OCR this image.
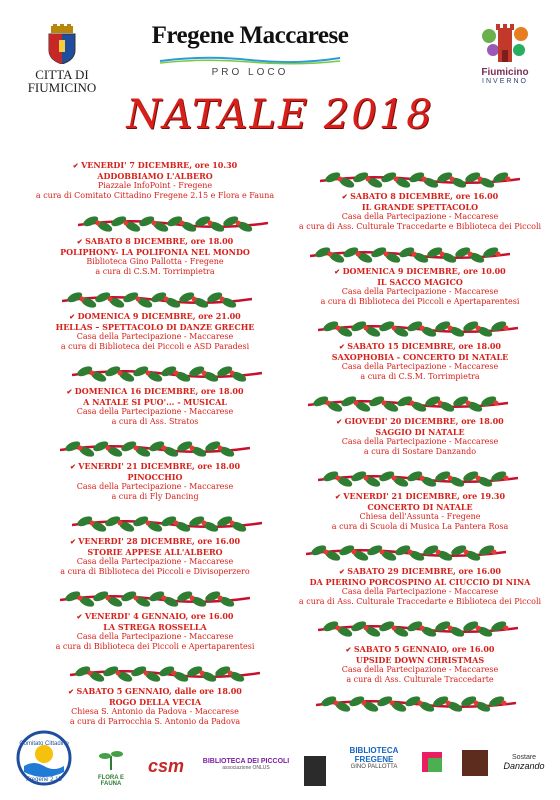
CITTA DI FIUMICINO
Fregene Maccarese
PRO LOCO	Fiumicino
INVERNO
NATALE 2018
✔ VENERDI' 7 DICEMBRE, ore 10.30
ADDOBBIAMO L'ALBERO
Piazzale InfoPoint - Fregene
a cura di Comitato Cittadino Fregene 2.15 e Flora e Fauna
✔ SABATO 8 DICEMBRE, ore 18.00
POLIPHONY- LA POLIFONIA NEL MONDO
Biblioteca Gino Pallotta - Fregene
a cura di C.S.M. Torrimpietra
✔ DOMENICA 9 DICEMBRE, ore 21.00
HELLAS – SPETTACOLO DI DANZE GRECHE
Casa della Partecipazione - Maccarese
a cura di Biblioteca dei Piccoli e ASD Paradesi
✔ DOMENICA 16 DICEMBRE, ore 18.00
A NATALE SI PUO'... - MUSICAL
Casa della Partecipazione - Maccarese
a cura di Ass. Stratos
✔ VENERDI' 21 DICEMBRE, ore 18.00
PINOCCHIO
Casa della Partecipazione - Maccarese
a cura di Fly Dancing
✔ VENERDI' 28 DICEMBRE, ore 16.00
STORIE APPESE ALL'ALBERO
Casa della Partecipazione - Maccarese
a cura di Biblioteca dei Piccoli e Divisoperzero
✔ VENERDI' 4 GENNAIO, ore 16.00
LA STREGA ROSSELLA
Casa della Partecipazione - Maccarese
a cura di Biblioteca dei Piccoli e Apertaparentesi
✔ SABATO 5 GENNAIO, dalle ore 18.00
ROGO DELLA VECIA
Chiesa S. Antonio da Padova - Maccarese
a cura di Parrocchia S. Antonio da Padova
✔ SABATO 8 DICEMBRE, ore 16.00
IL GRANDE SPETTACOLO
Casa della Partecipazione - Maccarese
a cura di Ass. Culturale Traccedarte e Biblioteca dei Piccoli
✔ DOMENICA 9 DICEMBRE, ore 10.00
IL SACCO MAGICO
Casa della Partecipazione - Maccarese
a cura di Biblioteca dei Piccoli e Apertaparentesi
✔ SABATO 15 DICEMBRE, ore 18.00
SAXOPHOBIA - CONCERTO DI NATALE
Casa della Partecipazione - Maccarese
a cura di C.S.M. Torrimpietra
✔ GIOVEDI' 20 DICEMBRE, ore 18.00
SAGGIO DI NATALE
Casa della Partecipazione - Maccarese
a cura di Sostare Danzando
✔ VENERDI' 21 DICEMBRE, ore 19.30
CONCERTO DI NATALE
Chiesa dell'Assunta - Fregene
a cura di Scuola di Musica La Pantera Rosa
✔ SABATO 29 DICEMBRE, ore 16.00
DA PIERINO PORCOSPINO AL CIUCCIO DI NINA
Casa della Partecipazione - Maccarese
a cura di Ass. Culturale Traccedarte e Biblioteca dei Piccoli
✔ SABATO 5 GENNAIO, ore 16.00
UPSIDE DOWN CHRISTMAS
Casa della Partecipazione - Maccarese
a cura di Ass. Culturale Traccedarte
Comitato Cittadino
Fregene 2.15	FLORA E FAUNA
csm	BIBLIOTECA DEI PICCOLI
associazione ONLUS
BIBLIOTECA
FREGENE
GINO PALLOTTA
Sostare
Danzando
